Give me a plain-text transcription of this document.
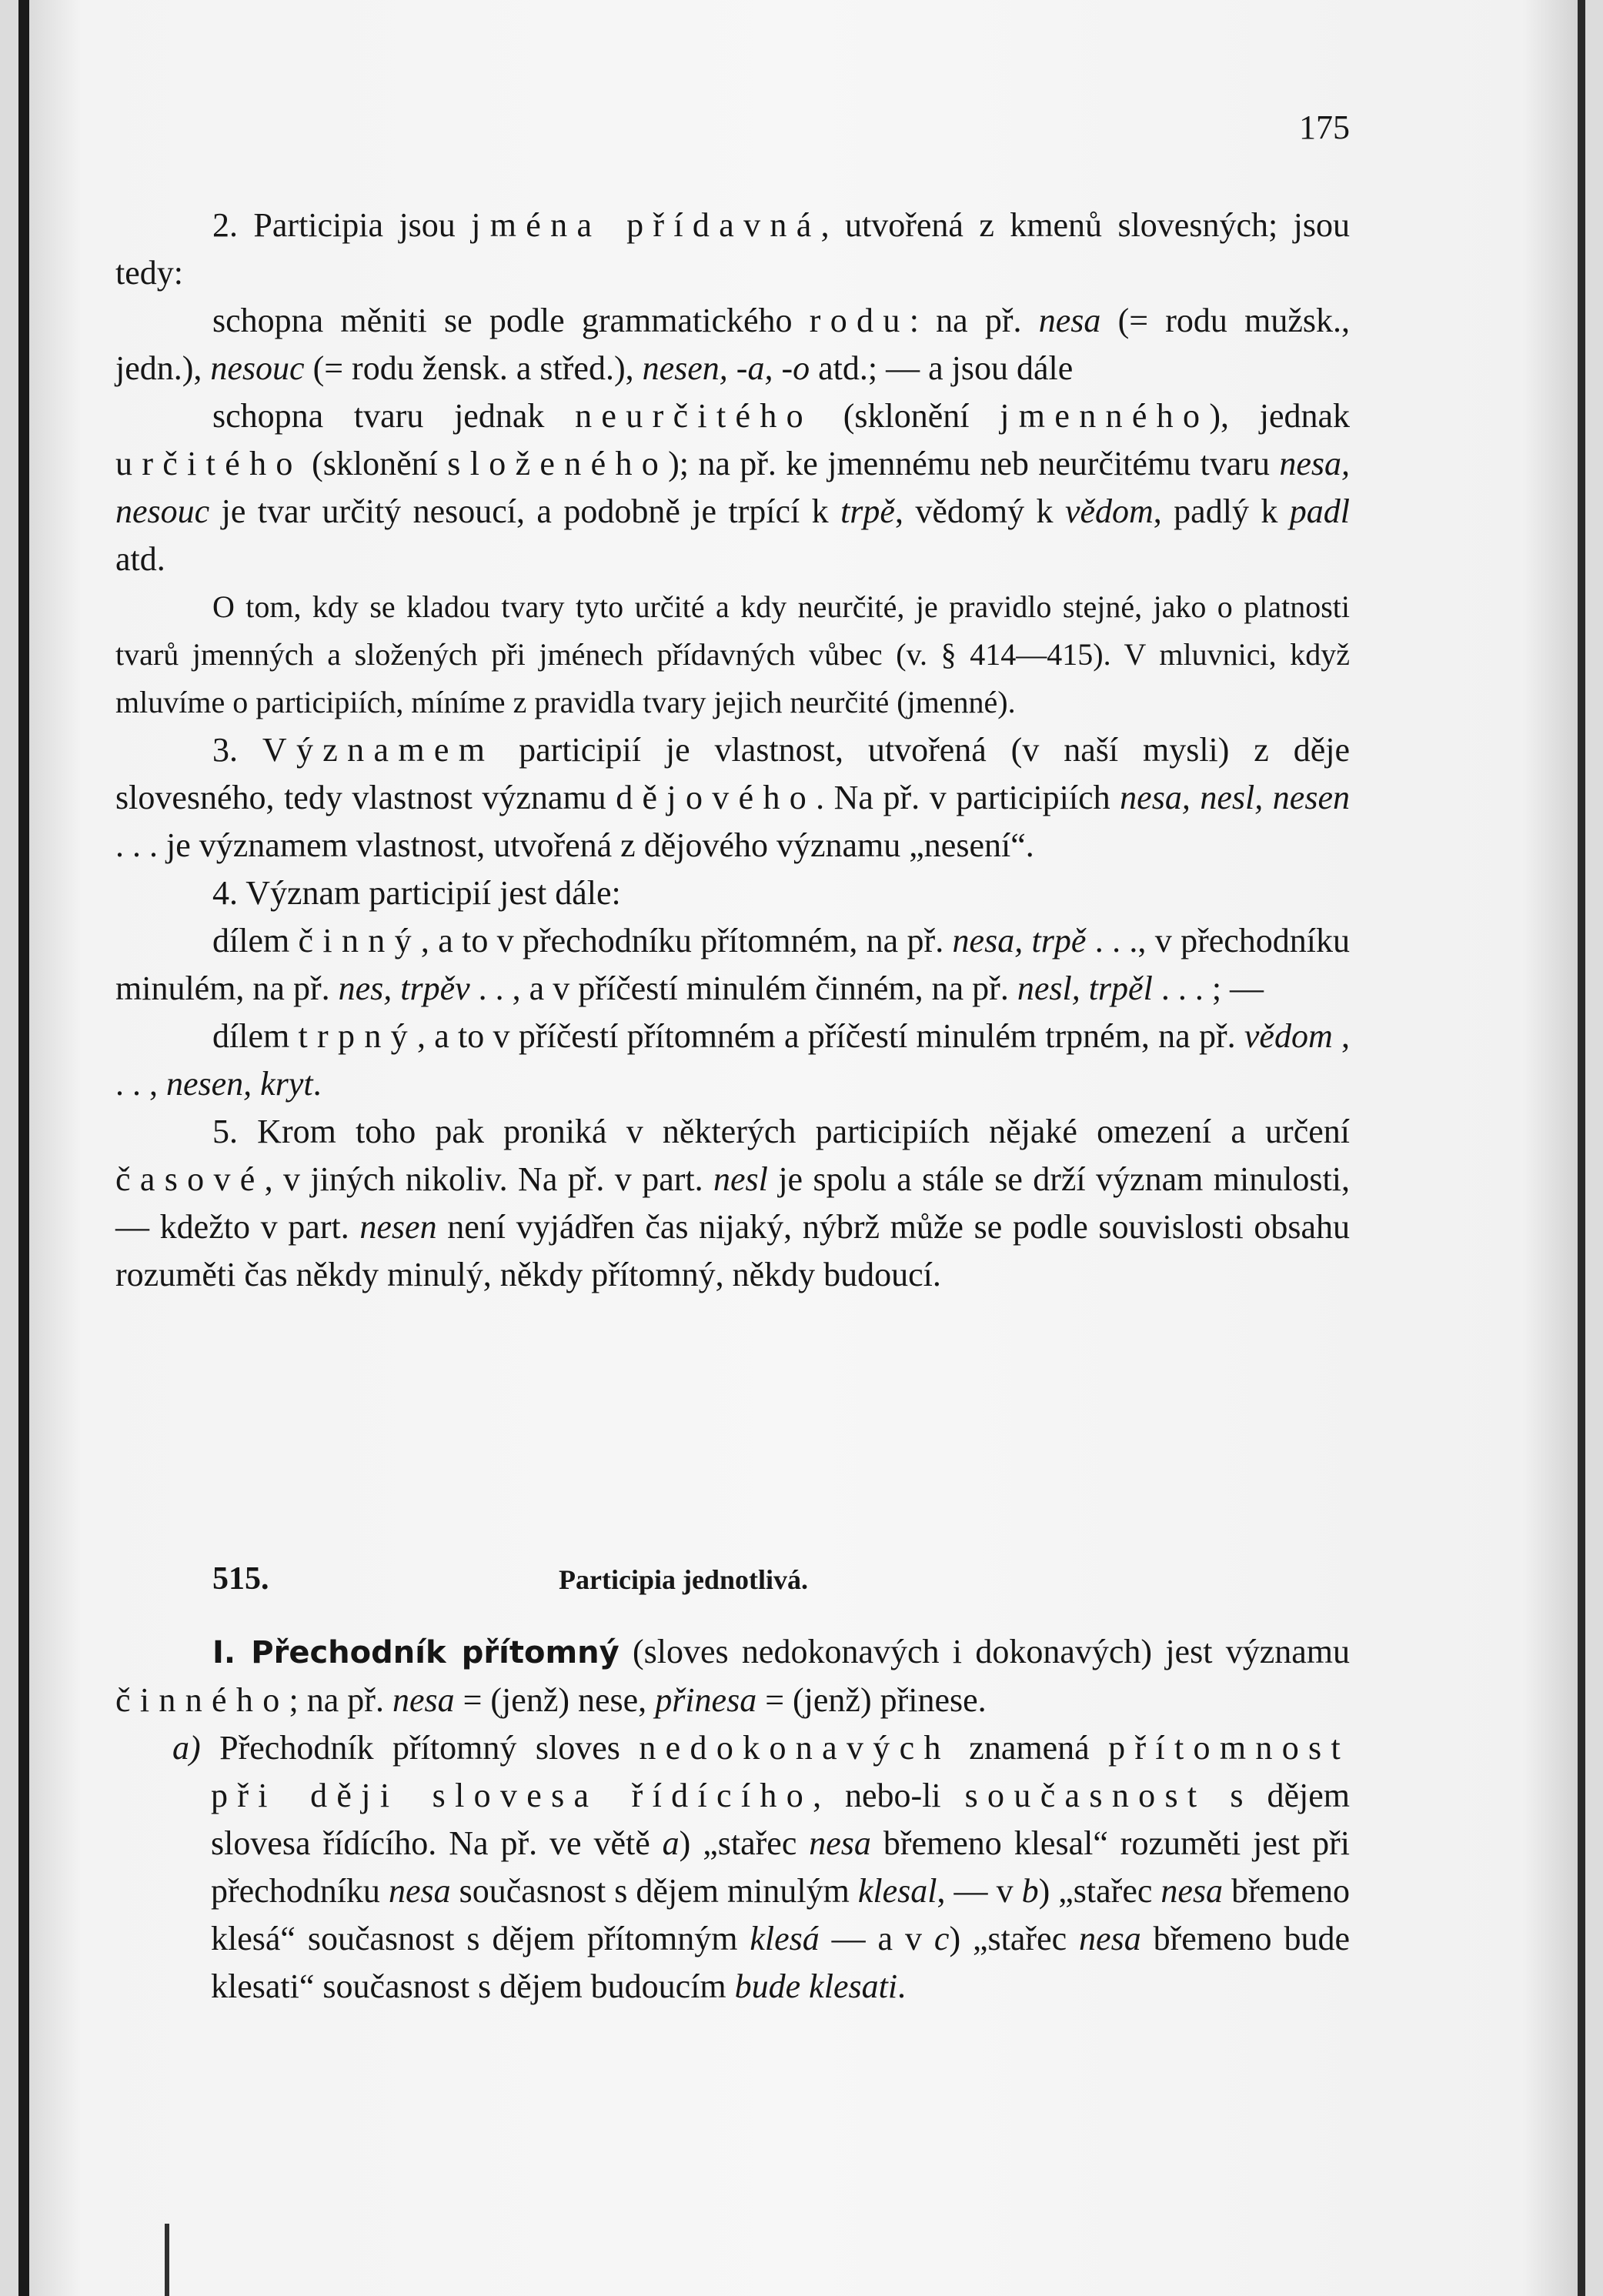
175

2. Participia jsou jména přídavná, utvořená z kmenů slovesných; jsou tedy:

schopna měniti se podle grammatického rodu: na př. nesa (= rodu mužsk., jedn.), nesouc (= rodu žensk. a střed.), nesen, -a, -o atd.; — a jsou dále

schopna tvaru jednak neurčitého (sklonění jmenného), jednak určitého (sklonění složeného); na př. ke jmennému neb neurčitému tvaru nesa, nesouc je tvar určitý nesoucí, a podobně je trpící k trpě, vědomý k vědom, padlý k padl atd.

O tom, kdy se kladou tvary tyto určité a kdy neurčité, je pravidlo stejné, jako o platnosti tvarů jmenných a složených při jménech přídavných vůbec (v. § 414—415). V mluvnici, když mluvíme o participiích, míníme z pravidla tvary jejich neurčité (jmenné).

3. Významem participií je vlastnost, utvořená (v naší mysli) z děje slovesného, tedy vlastnost významu dějového. Na př. v participiích nesa, nesl, nesen . . . je významem vlastnost, utvořená z dějového významu „nesení“.

4. Význam participií jest dále:

dílem činný, a to v přechodníku přítomném, na př. nesa, trpě . . ., v přechodníku minulém, na př. nes, trpěv . . , a v příčestí minulém činném, na př. nesl, trpěl . . . ; —

dílem trpný, a to v příčestí přítomném a příčestí minulém trpném, na př. vědom , . . , nesen, kryt.

5. Krom toho pak proniká v některých participiích nějaké omezení a určení časové, v jiných nikoliv. Na př. v part. nesl je spolu a stále se drží význam minulosti, — kdežto v part. nesen není vyjádřen čas nijaký, nýbrž může se podle souvislosti obsahu rozuměti čas někdy minulý, někdy přítomný, někdy budoucí.

515.	Participia jednotlivá.

I. Přechodník přítomný (sloves nedokonavých i dokonavých) jest významu činného; na př. nesa = (jenž) nese, přinesa = (jenž) přinese.

a) Přechodník přítomný sloves nedokonavých znamená přítomnost při ději slovesa řídícího, nebo-li současnost s dějem slovesa řídícího. Na př. ve větě a) „stařec nesa břemeno klesal“ rozuměti jest při přechodníku nesa současnost s dějem minulým klesal, — v b) „stařec nesa břemeno klesá“ současnost s dějem přítomným klesá — a v c) „stařec nesa břemeno bude klesati“ současnost s dějem budoucím bude klesati.
